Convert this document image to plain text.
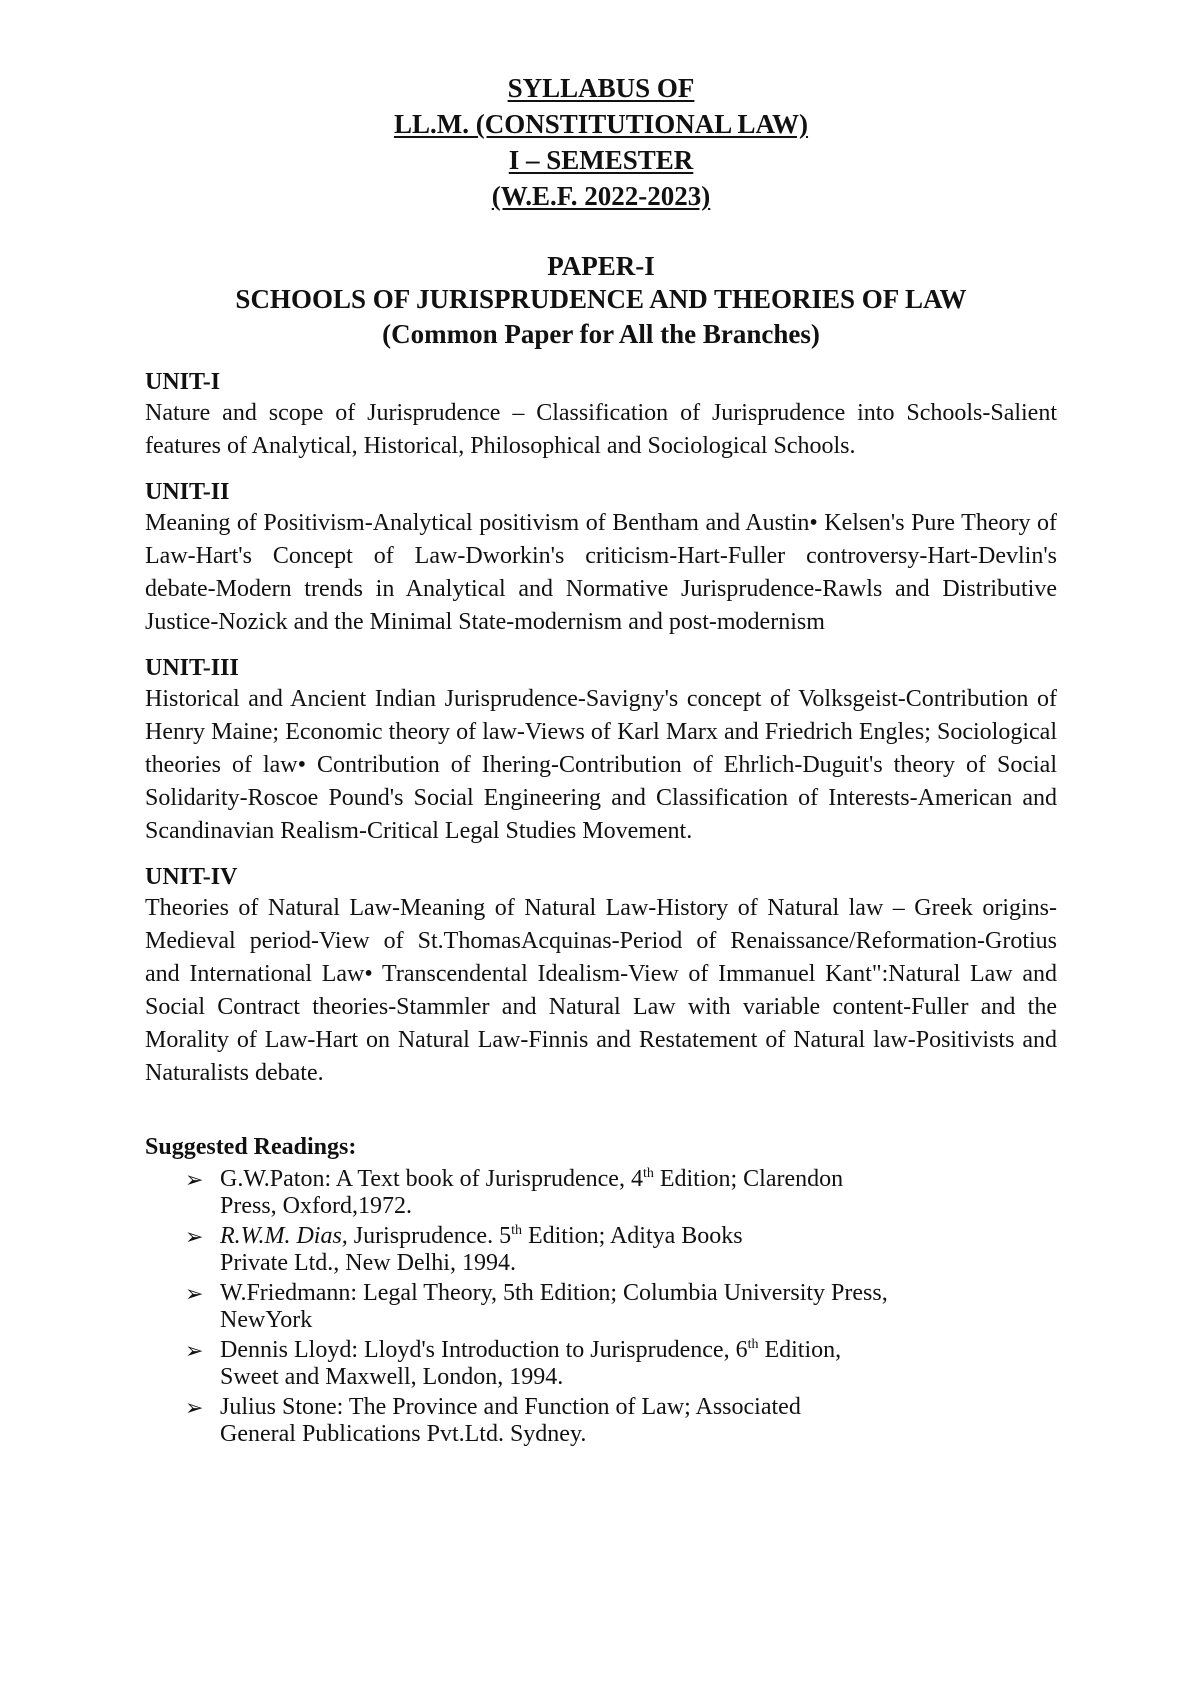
SYLLABUS OF
LL.M. (CONSTITUTIONAL LAW)
I – SEMESTER
(W.E.F. 2022-2023)
PAPER-I
SCHOOLS OF JURISPRUDENCE AND THEORIES OF LAW
(Common Paper for All the Branches)
UNIT-I

Nature and scope of Jurisprudence – Classification of Jurisprudence into Schools-Salient features of Analytical, Historical, Philosophical and Sociological Schools.

UNIT-II

Meaning of Positivism-Analytical positivism of Bentham and Austin• Kelsen's Pure Theory of Law-Hart's Concept of Law-Dworkin's criticism-Hart-Fuller controversy-Hart-Devlin's debate-Modern trends in Analytical and Normative Jurisprudence-Rawls and Distributive Justice-Nozick and the Minimal State-modernism and post-modernism

UNIT-III

Historical and Ancient Indian Jurisprudence-Savigny's concept of Volksgeist-Contribution of Henry Maine; Economic theory of law-Views of Karl Marx and Friedrich Engles; Sociological theories of law• Contribution of Ihering-Contribution of Ehrlich-Duguit's theory of Social Solidarity-Roscoe Pound's Social Engineering and Classification of Interests-American and Scandinavian Realism-Critical Legal Studies Movement.

UNIT-IV

Theories of Natural Law-Meaning of Natural Law-History of Natural law – Greek origins-Medieval period-View of St.ThomasAcquinas-Period of Renaissance/Reformation-Grotius and International Law• Transcendental Idealism-View of Immanuel Kant":Natural Law and Social Contract theories-Stammler and Natural Law with variable content-Fuller and the Morality of Law-Hart on Natural Law-Finnis and Restatement of Natural law-Positivists and Naturalists debate.

Suggested Readings:
➢ G.W.Paton: A Text book of Jurisprudence, 4th Edition; Clarendon
Press, Oxford,1972.
➢ R.W.M. Dias, Jurisprudence. 5th Edition; Aditya Books
Private Ltd., New Delhi, 1994.
➢ W.Friedmann: Legal Theory, 5th Edition; Columbia University Press,
NewYork
➢ Dennis Lloyd: Lloyd's Introduction to Jurisprudence, 6th Edition,
Sweet and Maxwell, London, 1994.
➢ Julius Stone: The Province and Function of Law; Associated
General Publications Pvt.Ltd. Sydney.
